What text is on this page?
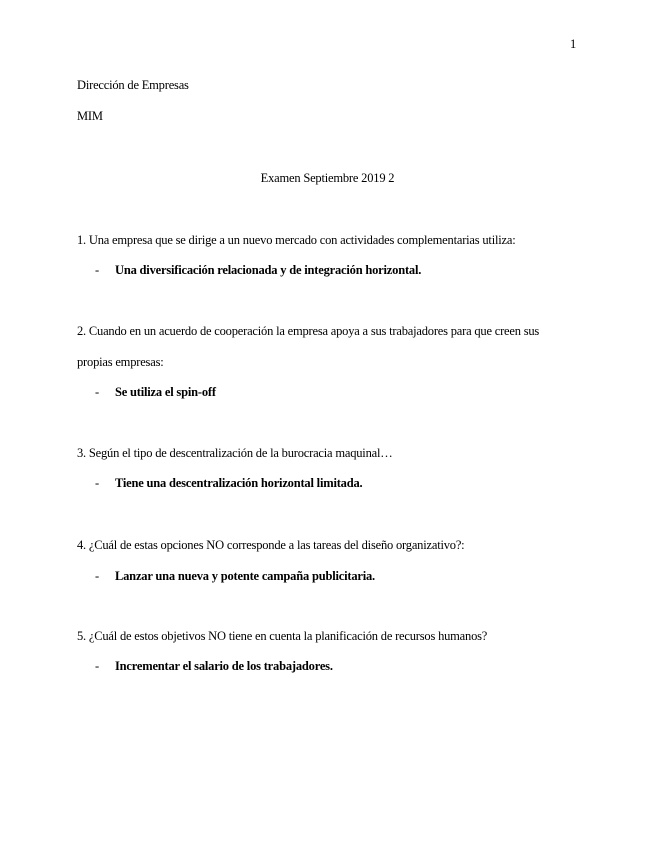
1
Dirección de Empresas
MIM
Examen Septiembre 2019 2
1. Una empresa que se dirige a un nuevo mercado con actividades complementarias utiliza:
- Una diversificación relacionada y de integración horizontal.
2. Cuando en un acuerdo de cooperación la empresa apoya a sus trabajadores para que creen sus
propias empresas:
- Se utiliza el spin-off
3. Según el tipo de descentralización de la burocracia maquinal…
- Tiene una descentralización horizontal limitada.
4. ¿Cuál de estas opciones NO corresponde a las tareas del diseño organizativo?:
- Lanzar una nueva y potente campaña publicitaria.
5. ¿Cuál de estos objetivos NO tiene en cuenta la planificación de recursos humanos?
- Incrementar el salario de los trabajadores.
